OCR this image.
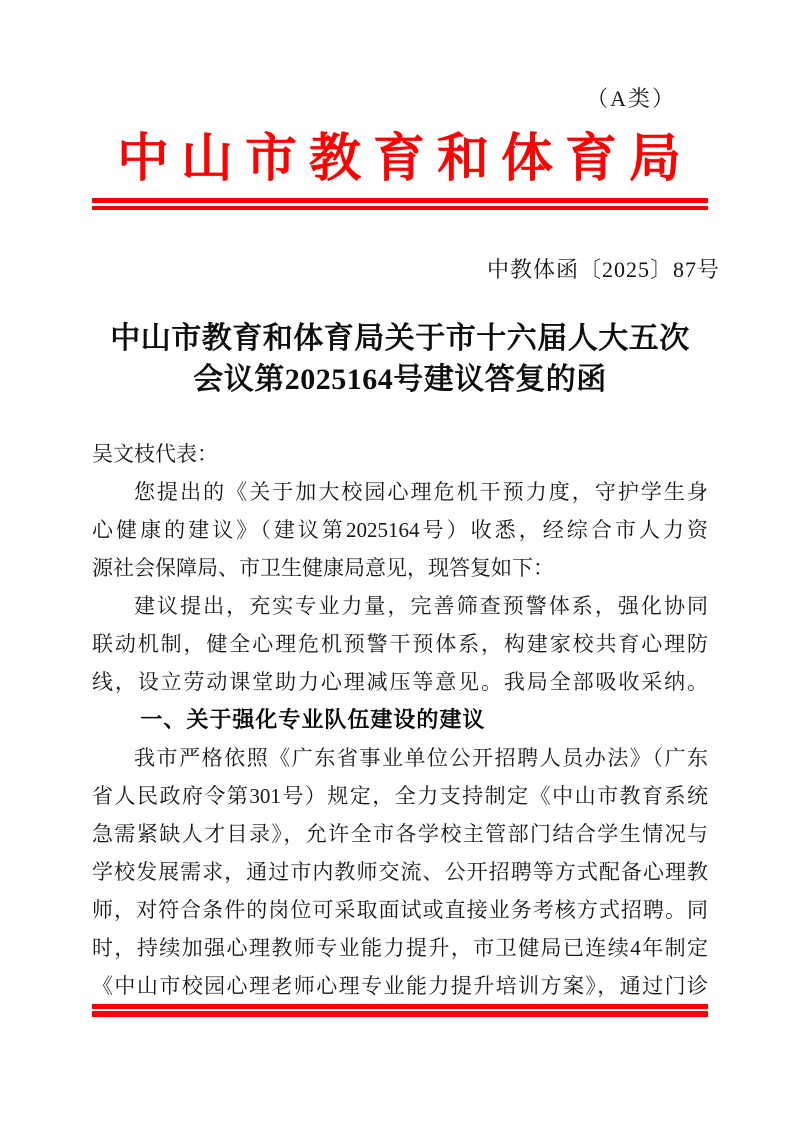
（A类）
中山市教育和体育局
中教体函〔2025〕87号
中山市教育和体育局关于市十六届人大五次
会议第2025164号建议答复的函
吴文枝代表：
您提出的《关于加大校园心理危机干预力度，守护学生身
心健康的建议》（建议第2025164号）收悉，经综合市人力资
源社会保障局、市卫生健康局意见，现答复如下：
建议提出，充实专业力量，完善筛查预警体系，强化协同
联动机制，健全心理危机预警干预体系，构建家校共育心理防
线，设立劳动课堂助力心理减压等意见。我局全部吸收采纳。
一、关于强化专业队伍建设的建议
我市严格依照《广东省事业单位公开招聘人员办法》（广东
省人民政府令第301号）规定，全力支持制定《中山市教育系统
急需紧缺人才目录》，允许全市各学校主管部门结合学生情况与
学校发展需求，通过市内教师交流、公开招聘等方式配备心理教
师，对符合条件的岗位可采取面试或直接业务考核方式招聘。同
时，持续加强心理教师专业能力提升，市卫健局已连续4年制定
《中山市校园心理老师心理专业能力提升培训方案》，通过门诊
